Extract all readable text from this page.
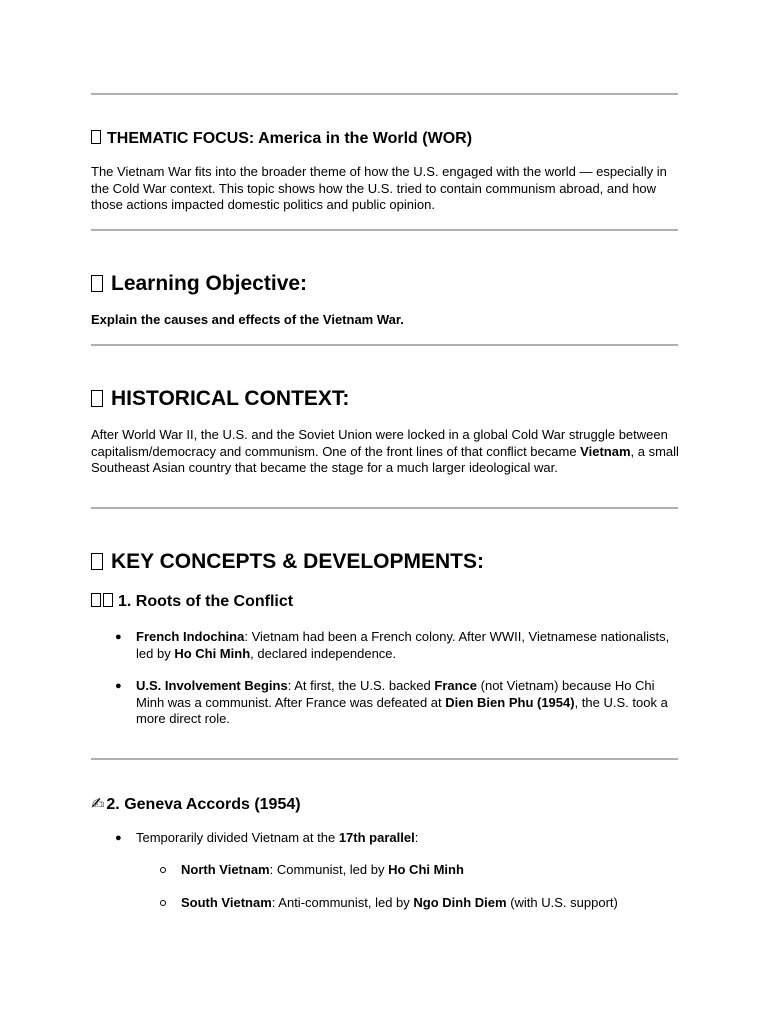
THEMATIC FOCUS: America in the World (WOR)
The Vietnam War fits into the broader theme of how the U.S. engaged with the world — especially in the Cold War context. This topic shows how the U.S. tried to contain communism abroad, and how those actions impacted domestic politics and public opinion.
Learning Objective:
Explain the causes and effects of the Vietnam War.
HISTORICAL CONTEXT:
After World War II, the U.S. and the Soviet Union were locked in a global Cold War struggle between capitalism/democracy and communism. One of the front lines of that conflict became Vietnam, a small Southeast Asian country that became the stage for a much larger ideological war.
KEY CONCEPTS & DEVELOPMENTS:
1. Roots of the Conflict
● French Indochina: Vietnam had been a French colony. After WWII, Vietnamese nationalists, led by Ho Chi Minh, declared independence.
● U.S. Involvement Begins: At first, the U.S. backed France (not Vietnam) because Ho Chi Minh was a communist. After France was defeated at Dien Bien Phu (1954), the U.S. took a more direct role.
✍ 2. Geneva Accords (1954)
● Temporarily divided Vietnam at the 17th parallel:
North Vietnam: Communist, led by Ho Chi Minh
South Vietnam: Anti-communist, led by Ngo Dinh Diem (with U.S. support)
